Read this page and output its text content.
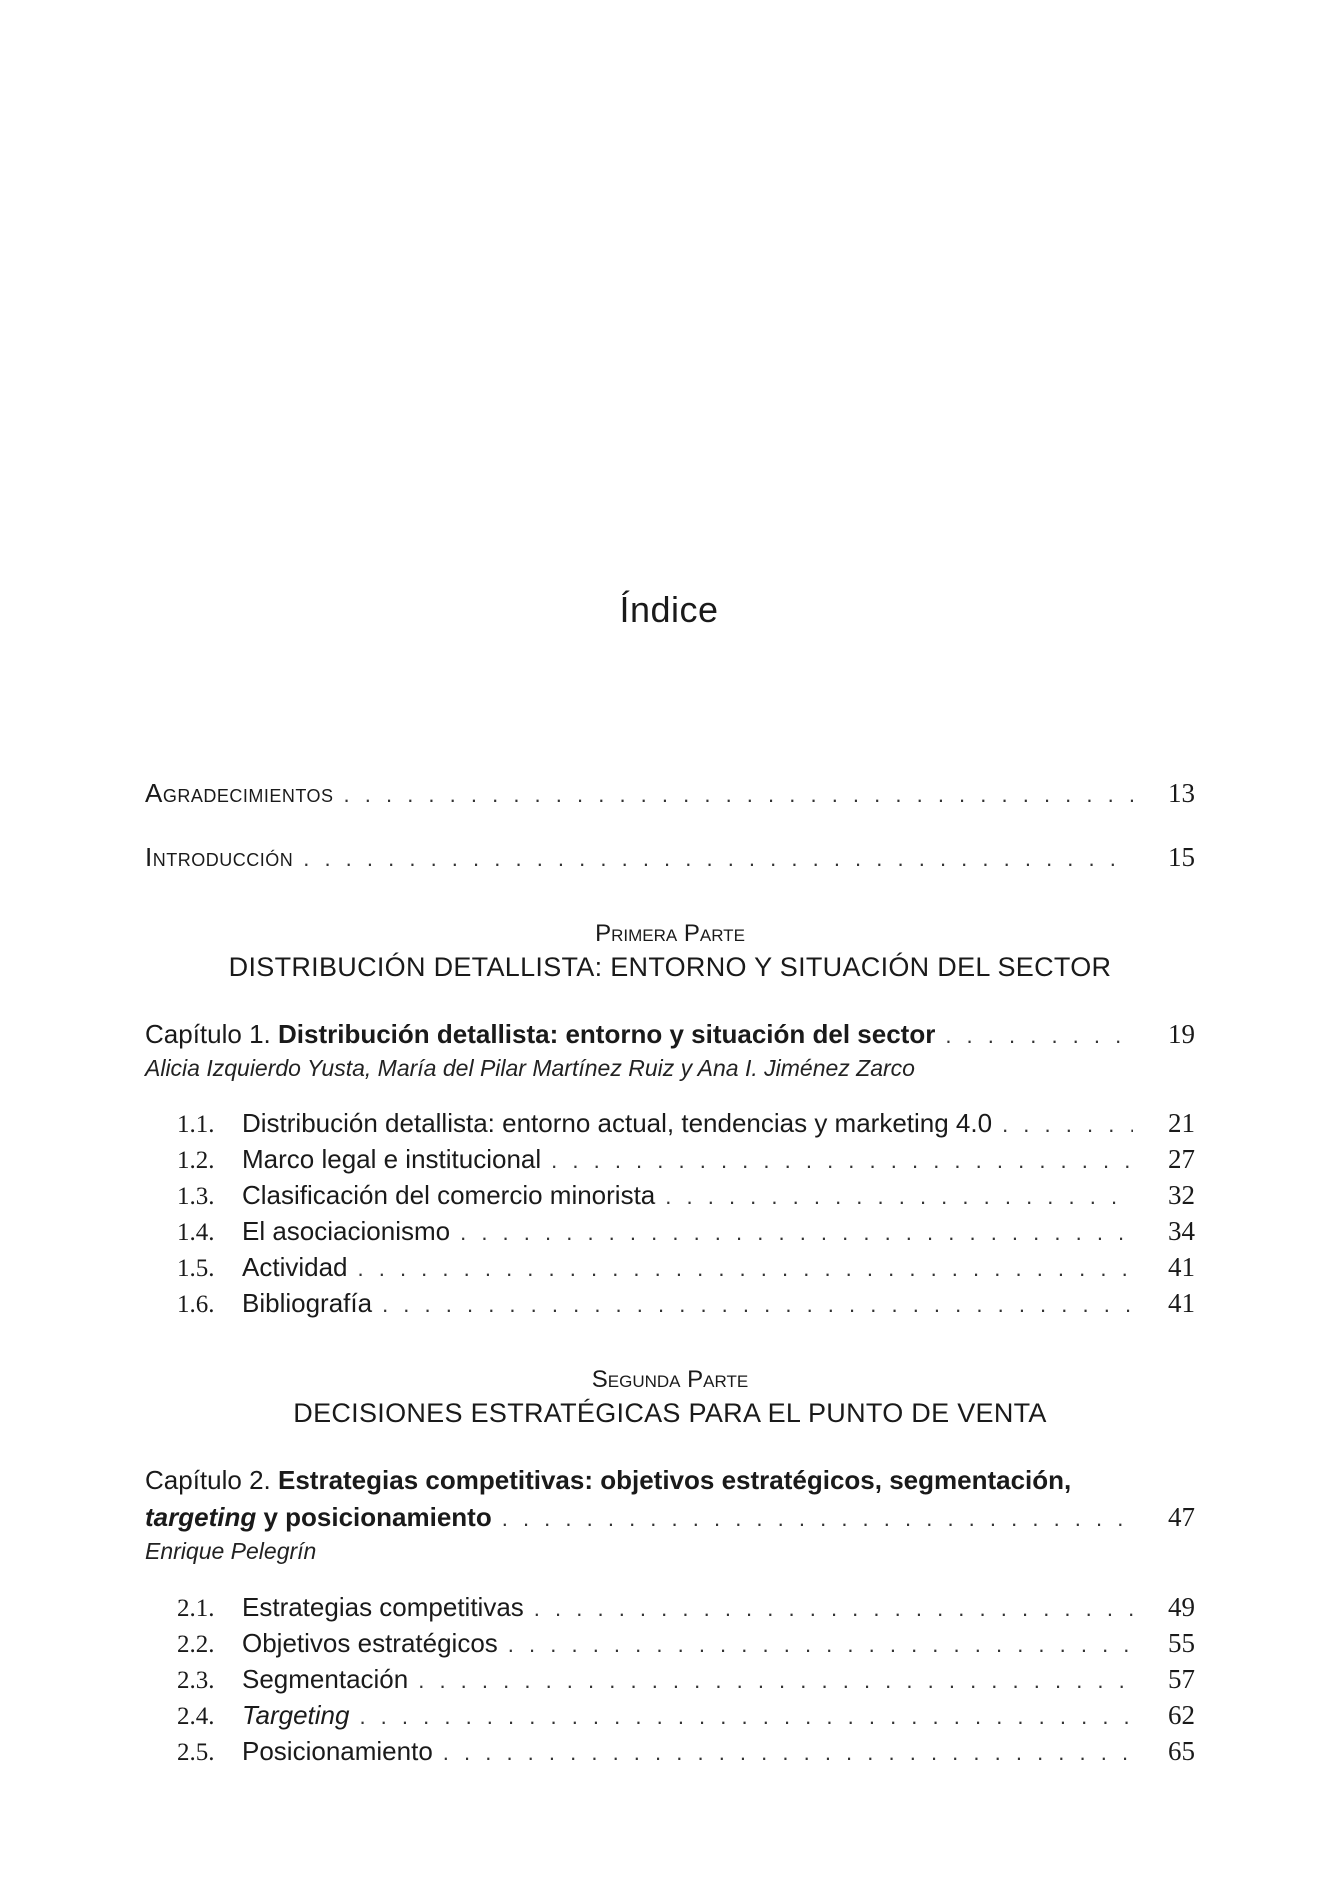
Índice
Agradecimientos . . .	13
Introducción . . .	15
Primera Parte
DISTRIBUCIÓN DETALLISTA: ENTORNO Y SITUACIÓN DEL SECTOR
Capítulo 1. Distribución detallista: entorno y situación del sector . . .	19
Alicia Izquierdo Yusta, María del Pilar Martínez Ruiz y Ana I. Jiménez Zarco
1.1.	Distribución detallista: entorno actual, tendencias y marketing 4.0 . . .	21
1.2.	Marco legal e institucional . . .	27
1.3.	Clasificación del comercio minorista . . .	32
1.4.	El asociacionismo . . .	34
1.5.	Actividad . . .	41
1.6.	Bibliografía . . .	41
Segunda Parte
DECISIONES ESTRATÉGICAS PARA EL PUNTO DE VENTA
Capítulo 2. Estrategias competitivas: objetivos estratégicos, segmentación,
targeting y posicionamiento . . .	47
Enrique Pelegrín
2.1.	Estrategias competitivas . . .	49
2.2.	Objetivos estratégicos . . .	55
2.3.	Segmentación . . .	57
2.4.	Targeting . . .	62
2.5.	Posicionamiento . . .	65
